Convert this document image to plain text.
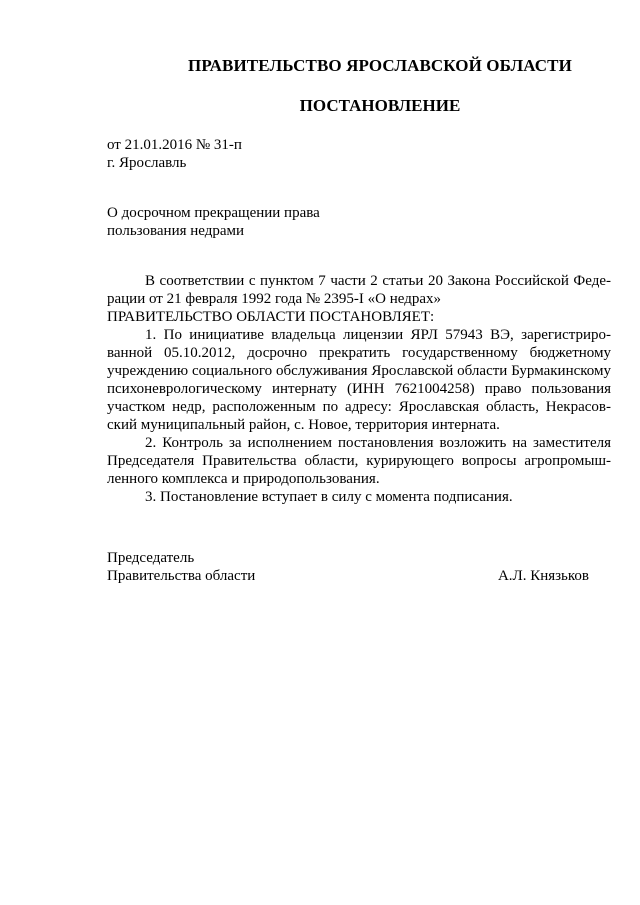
ПРАВИТЕЛЬСТВО ЯРОСЛАВСКОЙ ОБЛАСТИ
ПОСТАНОВЛЕНИЕ
от 21.01.2016 № 31-п
г. Ярославль
О досрочном прекращении права
пользования недрами

В соответствии с пунктом 7 части 2 статьи 20 Закона Российской Федерации от 21 февраля 1992 года № 2395-I «О недрах»

ПРАВИТЕЛЬСТВО ОБЛАСТИ ПОСТАНОВЛЯЕТ:

1. По инициативе владельца лицензии ЯРЛ 57943 ВЭ, зарегистрированной 05.10.2012, досрочно прекратить государственному бюджетному учреждению социального обслуживания Ярославской области Бурмакинскому психоневрологическому интернату (ИНН 7621004258) право пользования участком недр, расположенным по адресу: Ярославская область, Некрасовский муниципальный район, с. Новое, территория интерната.

2. Контроль за исполнением постановления возложить на заместителя Председателя Правительства области, курирующего вопросы агропромышленного комплекса и природопользования.

3. Постановление вступает в силу с момента подписания.

Председатель
Правительства области	А.Л. Князьков
